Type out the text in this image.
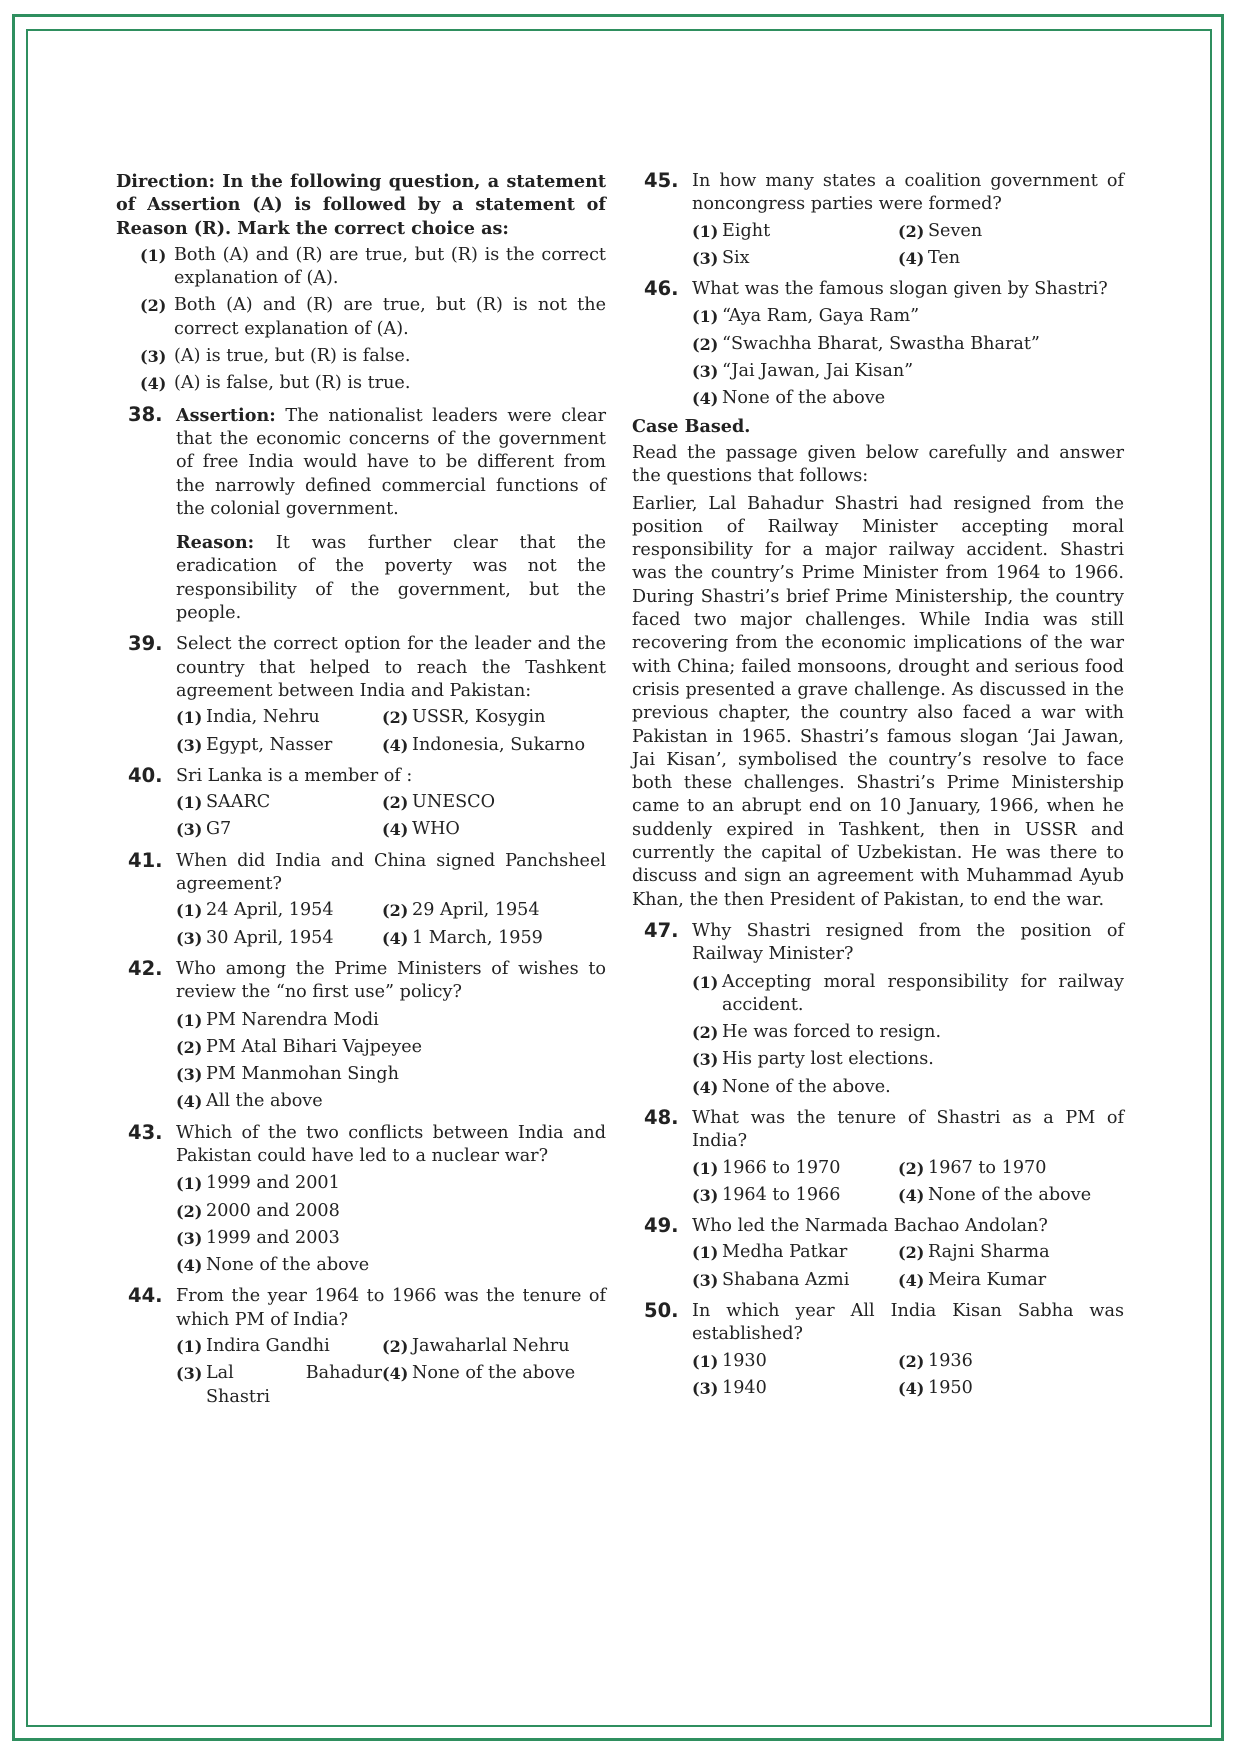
Direction: In the following question, a statement of Assertion (A) is followed by a statement of Reason (R). Mark the correct choice as:

(1) Both (A) and (R) are true, but (R) is the correct explanation of (A).
(2) Both (A) and (R) are true, but (R) is not the correct explanation of (A).
(3) (A) is true, but (R) is false.
(4) (A) is false, but (R) is true.
38. Assertion: The nationalist leaders were clear that the economic concerns of the government of free India would have to be different from the narrowly defined commercial functions of the colonial government.

Reason: It was further clear that the eradication of the poverty was not the responsibility of the government, but the people.

39. Select the correct option for the leader and the country that helped to reach the Tashkent agreement between India and Pakistan:
(1) India, Nehru	(2) USSR, Kosygin
(3) Egypt, Nasser	(4) Indonesia, Sukarno
40. Sri Lanka is a member of :
(1) SAARC	(2) UNESCO
(3) G7	(4) WHO
41. When did India and China signed Panchsheel agreement?
(1) 24 April, 1954	(2) 29 April, 1954
(3) 30 April, 1954	(4) 1 March, 1959
42. Who among the Prime Ministers of wishes to review the “no first use” policy?
(1) PM Narendra Modi
(2) PM Atal Bihari Vajpeyee
(3) PM Manmohan Singh
(4) All the above
43. Which of the two conflicts between India and Pakistan could have led to a nuclear war?
(1) 1999 and 2001
(2) 2000 and 2008
(3) 1999 and 2003
(4) None of the above
44. From the year 1964 to 1966 was the tenure of which PM of India?
(1) Indira Gandhi	(2) Jawaharlal Nehru
(3) Lal Bahadur Shastri
(4) None of the above
45. In how many states a coalition government of noncongress parties were formed?
(1) Eight	(2) Seven
(3) Six	(4) Ten
46. What was the famous slogan given by Shastri?
(1) “Aya Ram, Gaya Ram”
(2) “Swachha Bharat, Swastha Bharat”
(3) “Jai Jawan, Jai Kisan”
(4) None of the above

Case Based.

Read the passage given below carefully and answer the questions that follows:

Earlier, Lal Bahadur Shastri had resigned from the position of Railway Minister accepting moral responsibility for a major railway accident. Shastri was the country’s Prime Minister from 1964 to 1966. During Shastri’s brief Prime Ministership, the country faced two major challenges. While India was still recovering from the economic implications of the war with China; failed monsoons, drought and serious food crisis presented a grave challenge. As discussed in the previous chapter, the country also faced a war with Pakistan in 1965. Shastri’s famous slogan ‘Jai Jawan, Jai Kisan’, symbolised the country’s resolve to face both these challenges. Shastri’s Prime Ministership came to an abrupt end on 10 January, 1966, when he suddenly expired in Tashkent, then in USSR and currently the capital of Uzbekistan. He was there to discuss and sign an agreement with Muhammad Ayub Khan, the then President of Pakistan, to end the war.

47. Why Shastri resigned from the position of Railway Minister?
(1) Accepting moral responsibility for railway accident.
(2) He was forced to resign.
(3) His party lost elections.
(4) None of the above.
48. What was the tenure of Shastri as a PM of India?
(1) 1966 to 1970	(2) 1967 to 1970
(3) 1964 to 1966	(4) None of the above
49. Who led the Narmada Bachao Andolan?
(1) Medha Patkar	(2) Rajni Sharma
(3) Shabana Azmi	(4) Meira Kumar
50. In which year All India Kisan Sabha was established?
(1) 1930	(2) 1936
(3) 1940	(4) 1950
